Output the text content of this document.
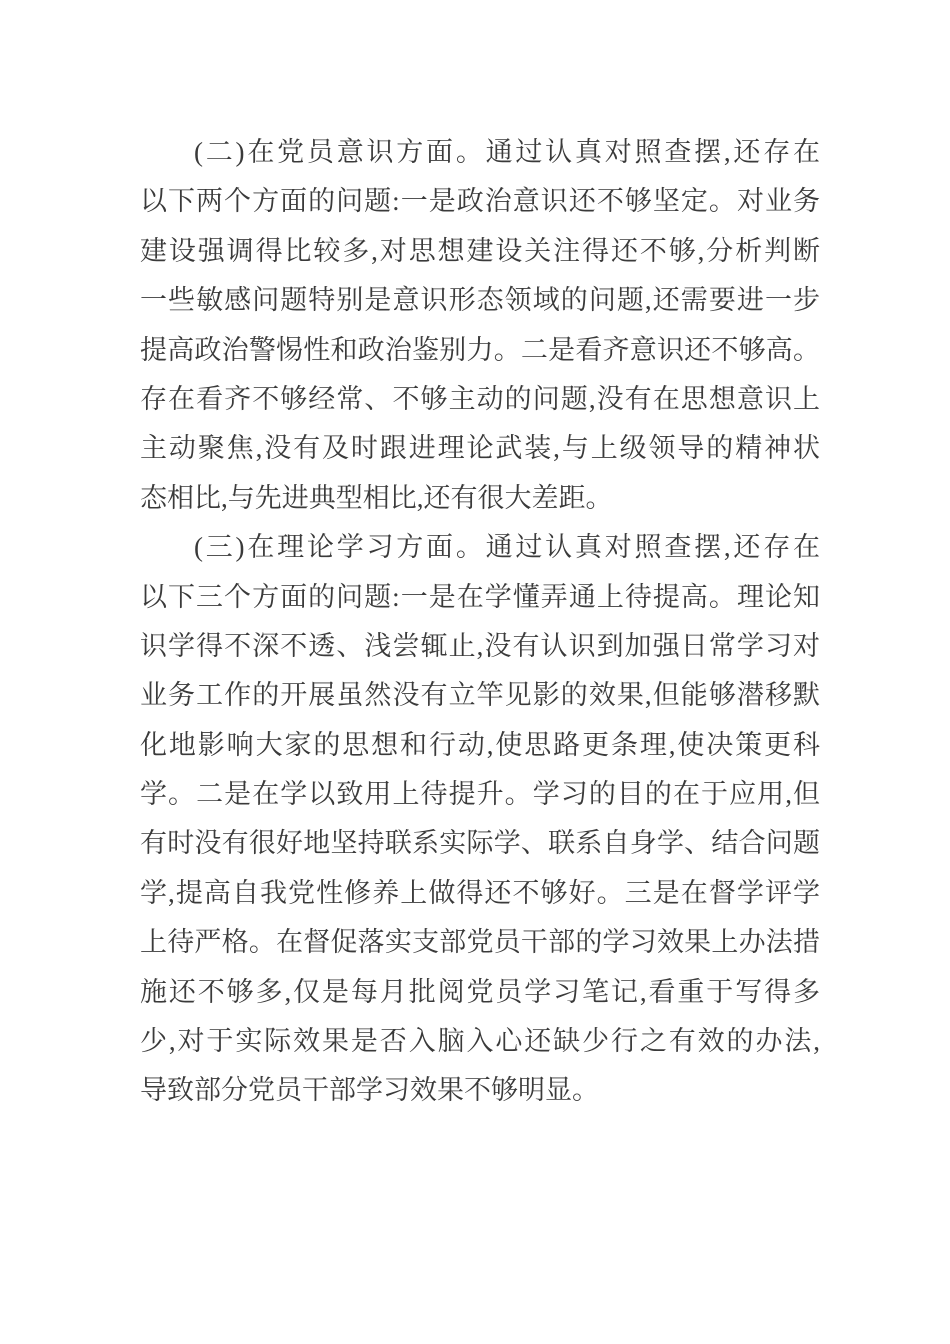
(二)在党员意识方面。通过认真对照查摆,还存在

以下两个方面的问题:一是政治意识还不够坚定。对业务

建设强调得比较多,对思想建设关注得还不够,分析判断

一些敏感问题特别是意识形态领域的问题,还需要进一步

提高政治警惕性和政治鉴别力。二是看齐意识还不够高。

存在看齐不够经常、不够主动的问题,没有在思想意识上

主动聚焦,没有及时跟进理论武装,与上级领导的精神状

态相比,与先进典型相比,还有很大差距。

(三)在理论学习方面。通过认真对照查摆,还存在

以下三个方面的问题:一是在学懂弄通上待提高。理论知

识学得不深不透、浅尝辄止,没有认识到加强日常学习对

业务工作的开展虽然没有立竿见影的效果,但能够潜移默

化地影响大家的思想和行动,使思路更条理,使决策更科

学。二是在学以致用上待提升。学习的目的在于应用,但

有时没有很好地坚持联系实际学、联系自身学、结合问题

学,提高自我党性修养上做得还不够好。三是在督学评学

上待严格。在督促落实支部党员干部的学习效果上办法措

施还不够多,仅是每月批阅党员学习笔记,看重于写得多

少,对于实际效果是否入脑入心还缺少行之有效的办法,

导致部分党员干部学习效果不够明显。
